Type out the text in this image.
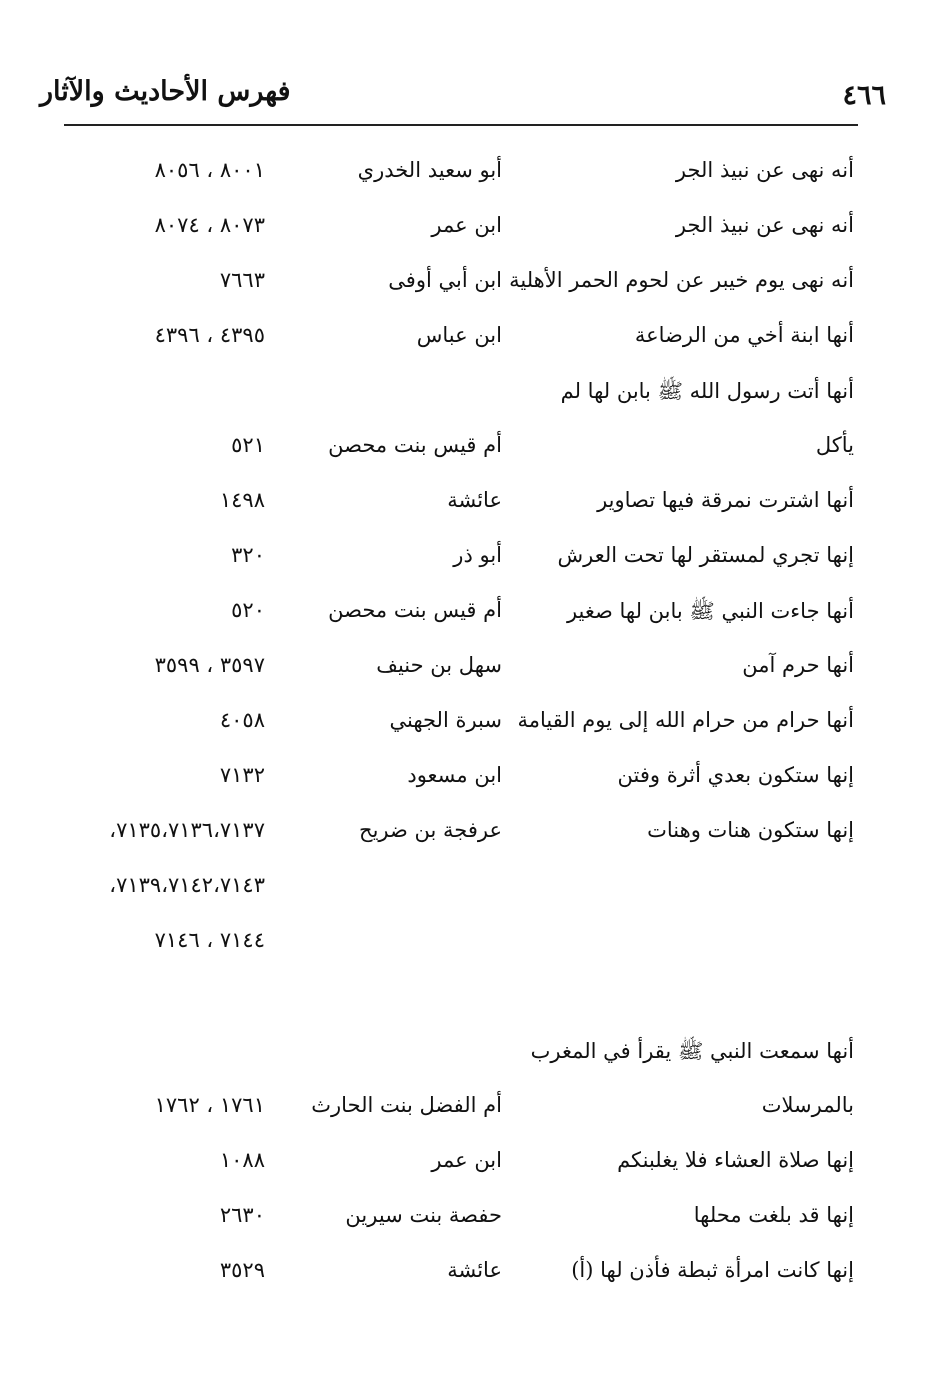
٤٦٦
فهرس الأحاديث والآثار
أنه نهى عن نبيذ الجر
أبو سعيد الخدري
٨٠٠١ ، ٨٠٥٦
أنه نهى عن نبيذ الجر
ابن عمر
٨٠٧٣ ، ٨٠٧٤
أنه نهى يوم خيبر عن لحوم الحمر الأهلية
ابن أبي أوفى
٧٦٦٣
أنها ابنة أخي من الرضاعة
ابن عباس
٤٣٩٥ ، ٤٣٩٦
أنها أتت رسول الله ﷺ بابن لها لم
يأكل
أم قيس بنت محصن
٥٢١
أنها اشترت نمرقة فيها تصاوير
عائشة
١٤٩٨
إنها تجري لمستقر لها تحت العرش
أبو ذر
٣٢٠
أنها جاءت النبي ﷺ بابن لها صغير
أم قيس بنت محصن
٥٢٠
أنها حرم آمن
سهل بن حنيف
٣٥٩٧ ، ٣٥٩٩
أنها حرام من حرام الله إلى يوم القيامة
سبرة الجهني
٤٠٥٨
إنها ستكون بعدي أثرة وفتن
ابن مسعود
٧١٣٢
إنها ستكون هنات وهنات
عرفجة بن ضريح
٧١٣٥،٧١٣٦،٧١٣٧،
٧١٣٩،٧١٤٢،٧١٤٣،
٧١٤٤ ، ٧١٤٦
أنها سمعت النبي ﷺ يقرأ في المغرب
بالمرسلات
أم الفضل بنت الحارث
١٧٦١ ، ١٧٦٢
إنها صلاة العشاء فلا يغلبنكم
ابن عمر
١٠٨٨
إنها قد بلغت محلها
حفصة بنت سيرين
٢٦٣٠
إنها كانت امرأة ثبطة فأذن لها (أ)
عائشة
٣٥٢٩
